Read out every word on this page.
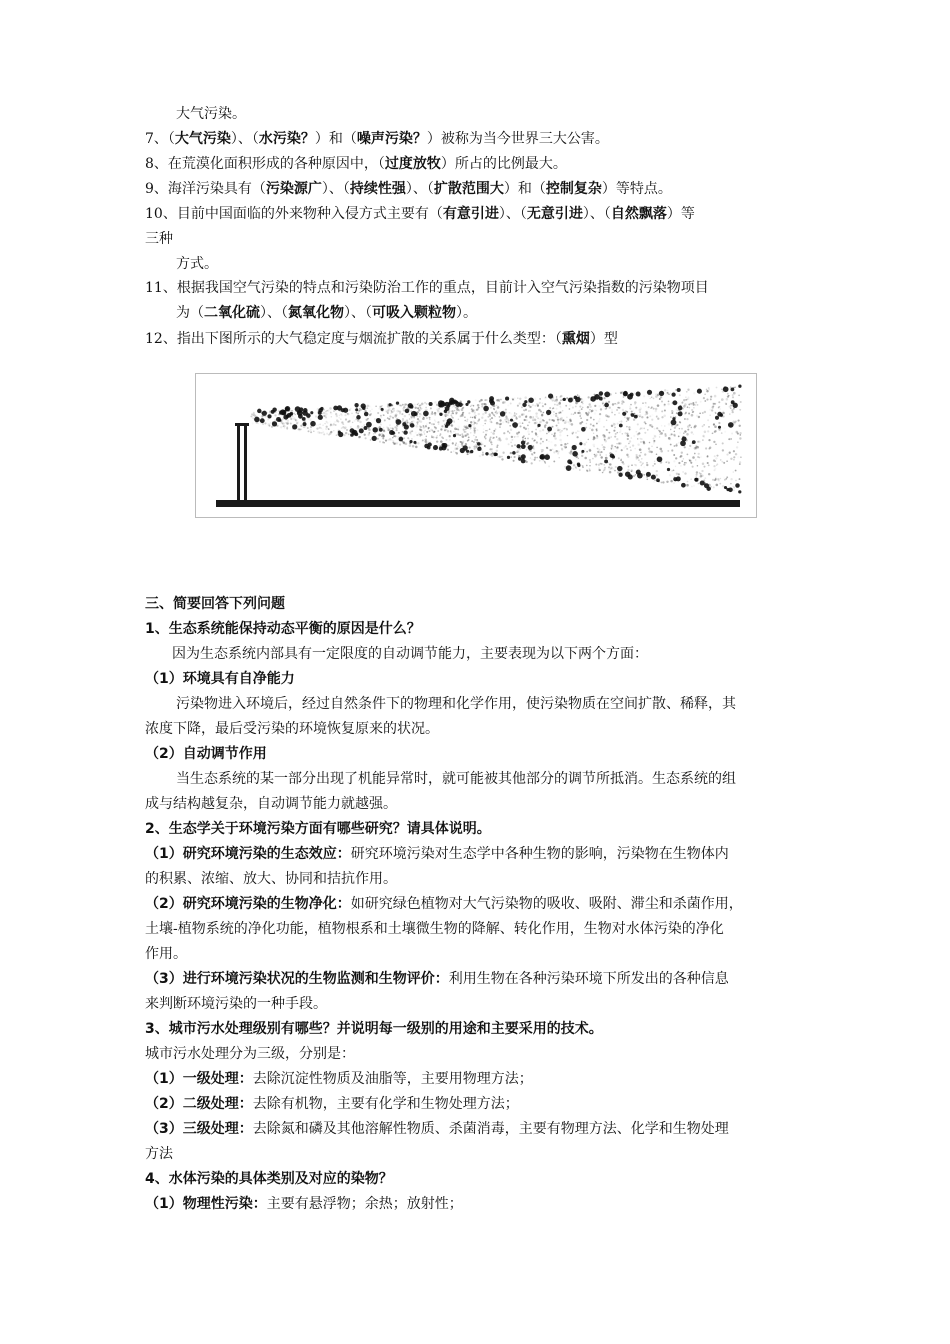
大气污染。
7、（大气污染）、（水污染？）和（噪声污染？）被称为当今世界三大公害。
8、在荒漠化面积形成的各种原因中，（过度放牧）所占的比例最大。
9、海洋污染具有（污染源广）、（持续性强）、（扩散范围大）和（控制复杂）等特点。
10、目前中国面临的外来物种入侵方式主要有（有意引进）、（无意引进）、（自然飘落）等
三种
方式。
11、根据我国空气污染的特点和污染防治工作的重点，目前计入空气污染指数的污染物项目
为（二氧化硫）、（氮氧化物）、（可吸入颗粒物）。
12、指出下图所示的大气稳定度与烟流扩散的关系属于什么类型：（熏烟）型
三、简要回答下列问题
1、生态系统能保持动态平衡的原因是什么？
因为生态系统内部具有一定限度的自动调节能力，主要表现为以下两个方面：
（1）环境具有自净能力
污染物进入环境后，经过自然条件下的物理和化学作用，使污染物质在空间扩散、稀释，其
浓度下降，最后受污染的环境恢复原来的状况。
（2）自动调节作用
当生态系统的某一部分出现了机能异常时，就可能被其他部分的调节所抵消。生态系统的组
成与结构越复杂，自动调节能力就越强。
2、生态学关于环境污染方面有哪些研究？请具体说明。
（1）研究环境污染的生态效应：研究环境污染对生态学中各种生物的影响，污染物在生物体内
的积累、浓缩、放大、协同和拮抗作用。
（2）研究环境污染的生物净化：如研究绿色植物对大气污染物的吸收、吸附、滞尘和杀菌作用，
土壤-植物系统的净化功能，植物根系和土壤微生物的降解、转化作用，生物对水体污染的净化
作用。
（3）进行环境污染状况的生物监测和生物评价：利用生物在各种污染环境下所发出的各种信息
来判断环境污染的一种手段。
3、城市污水处理级别有哪些？并说明每一级别的用途和主要采用的技术。
城市污水处理分为三级，分别是：
（1）一级处理：去除沉淀性物质及油脂等，主要用物理方法；
（2）二级处理：去除有机物，主要有化学和生物处理方法；
（3）三级处理：去除氮和磷及其他溶解性物质、杀菌消毒，主要有物理方法、化学和生物处理
方法
4、水体污染的具体类别及对应的染物？
（1）物理性污染：主要有悬浮物；余热；放射性；
